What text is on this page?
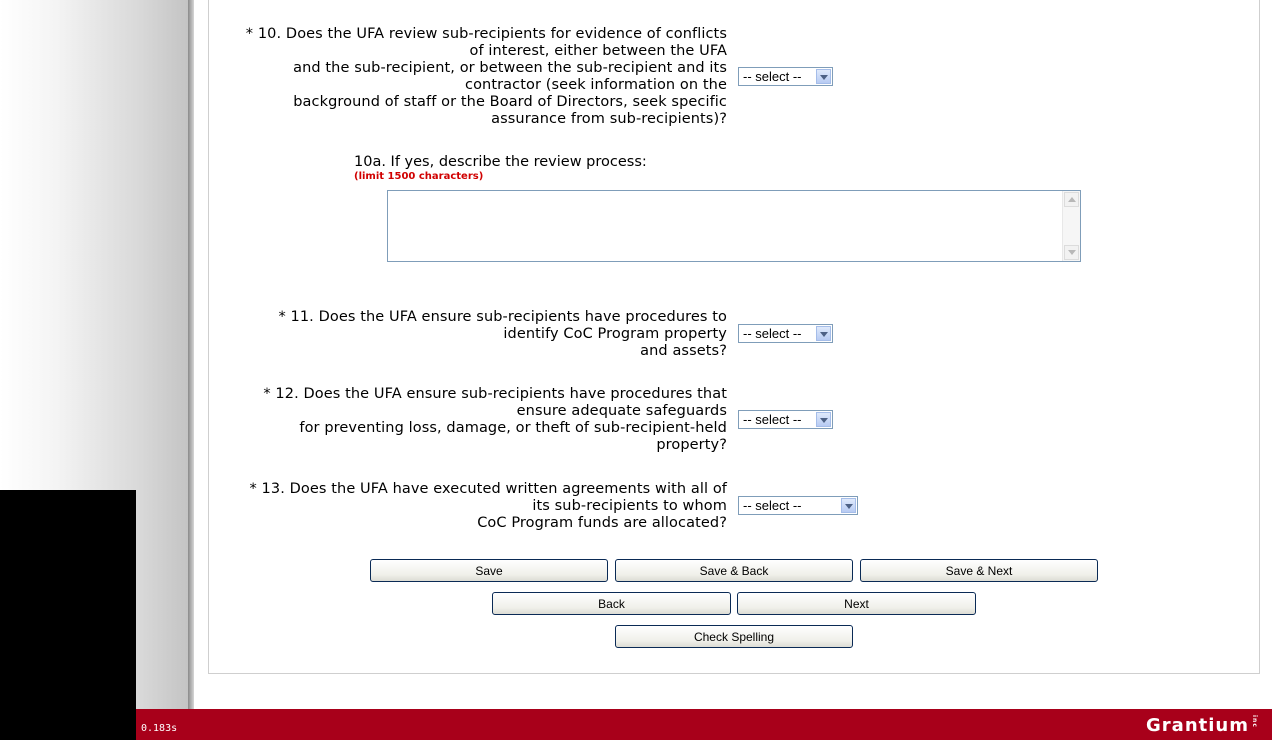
* 10. Does the UFA review sub-recipients for evidence of conflicts
of interest, either between the UFA
and the sub-recipient, or between the sub-recipient and its
contractor (seek information on the
background of staff or the Board of Directors, seek specific
assurance from sub-recipients)?
-- select --
10a. If yes, describe the review process:
(limit 1500 characters)
* 11. Does the UFA ensure sub-recipients have procedures to
identify CoC Program property
and assets?
-- select --
* 12. Does the UFA ensure sub-recipients have procedures that
ensure adequate safeguards
for preventing loss, damage, or theft of sub-recipient-held
property?
-- select --
* 13. Does the UFA have executed written agreements with all of
its sub-recipients to whom
CoC Program funds are allocated?
-- select --
Save	Save & Back	Save & Next
Back	Next
Check Spelling
0.183s	Grantium inc
